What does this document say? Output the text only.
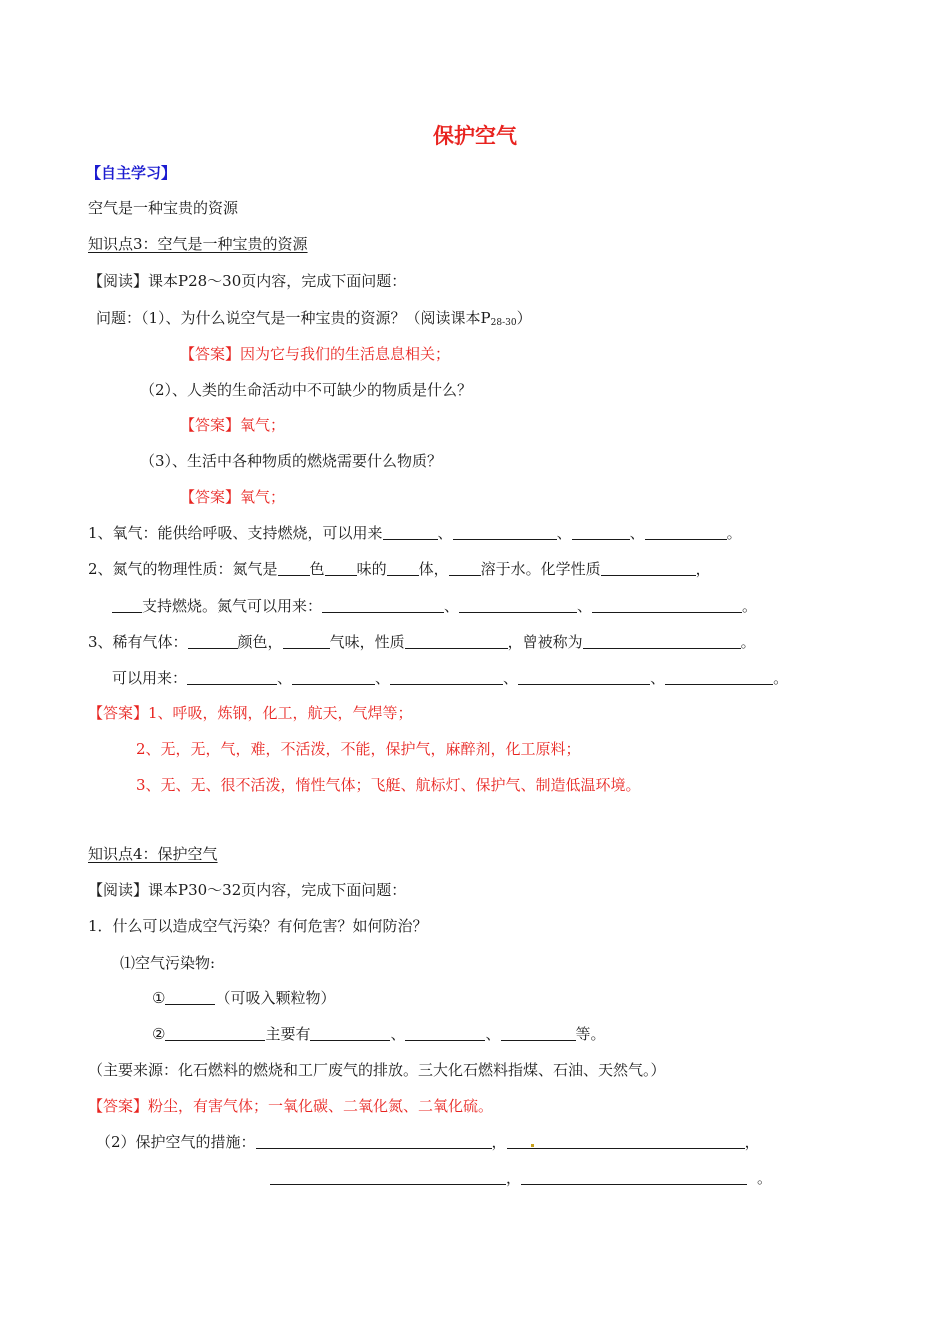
保护空气
【自主学习】
空气是一种宝贵的资源
知识点3：空气是一种宝贵的资源
【阅读】课本P28～30页内容，完成下面问题：
问题：（1）、为什么说空气是一种宝贵的资源？（阅读课本$P_{28-30}$）
【答案】因为它与我们的生活息息相关；
（2）、人类的生命活动中不可缺少的物质是什么？
【答案】氧气；
（3）、生活中各种物质的燃烧需要什么物质？
【答案】氧气；
1、氧气：能供给呼吸、支持燃烧，可以用来	、	、	、	。
2、氮气的物理性质：氮气是 色 味的 体， 溶于水。化学性质	，
支持燃烧。氮气可以用来：	、	、	。
3、稀有气体：	颜色，	气味，性质	，曾被称为	。
可以用来：	、	、	、	、	。
【答案】1、呼吸，炼钢，化工，航天，气焊等；
2、无，无，气，难，不活泼，不能，保护气，麻醉剂，化工原料；
3、无、无、很不活泼，惰性气体；飞艇、航标灯、保护气、制造低温环境。
知识点4：保护空气
【阅读】课本P30～32页内容，完成下面问题：
1．什么可以造成空气污染？有何危害？如何防治？
⑴空气污染物:
①	（可吸入颗粒物）
②	主要有	、	、	等。
（主要来源：化石燃料的燃烧和工厂废气的排放。三大化石燃料指煤、石油、天然气。）
【答案】粉尘，有害气体；一氧化碳、二氧化氮、二氧化硫。
（2）保护空气的措施：	，	，
，	。
